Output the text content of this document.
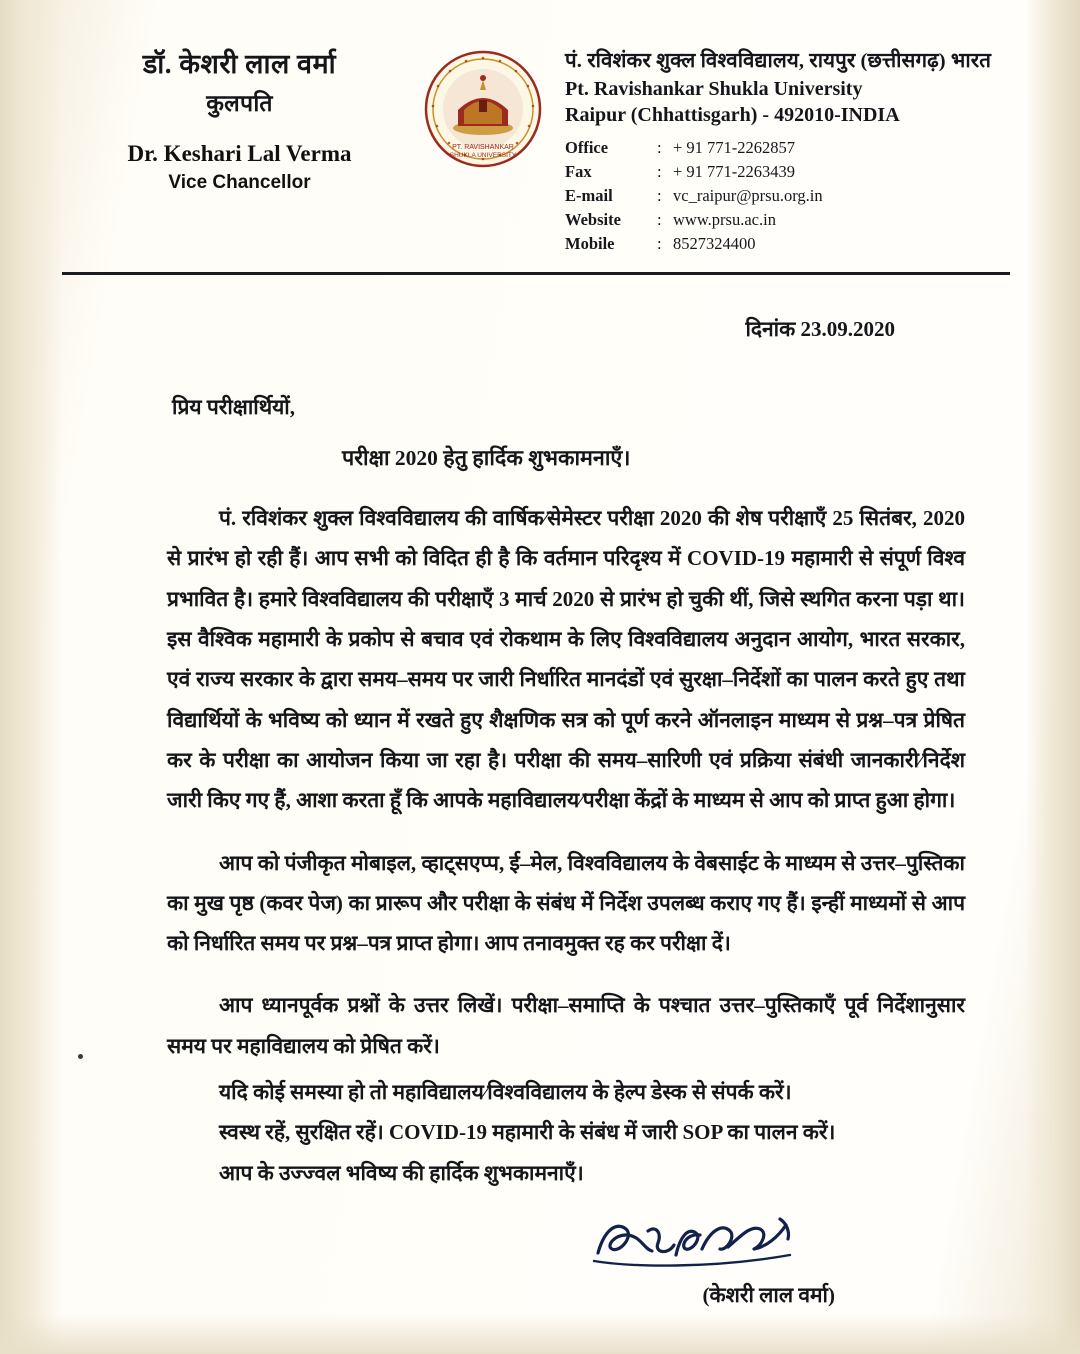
डॉ. केशरी लाल वर्मा
कुलपति
Dr. Keshari Lal Verma
Vice Chancellor
PT. RAVISHANKAR
SHUKLA UNIVERSITY
पं. रविशंकर शुक्ल विश्वविद्यालय, रायपुर (छत्तीसगढ़) भारत
Pt. Ravishankar Shukla University
Raipur (Chhattisgarh) - 492010-INDIA
Office	:	+ 91 771-2262857
Fax	:	+ 91 771-2263439
E-mail	:	vc_raipur@prsu.org.in
Website	:	www.prsu.ac.in
Mobile	:	8527324400
दिनांक 23.09.2020
प्रिय परीक्षार्थियों,
परीक्षा 2020 हेतु हार्दिक शुभकामनाएँ।
पं. रविशंकर शुक्ल विश्वविद्यालय की वार्षिक⁄सेमेस्टर परीक्षा 2020 की शेष परीक्षाएँ 25 सितंबर, 2020 से प्रारंभ हो रही हैं। आप सभी को विदित ही है कि वर्तमान परिदृश्य में COVID-19 महामारी से संपूर्ण विश्व प्रभावित है। हमारे विश्वविद्यालय की परीक्षाएँ 3 मार्च 2020 से प्रारंभ हो चुकी थीं, जिसे स्थगित करना पड़ा था। इस वैश्विक महामारी के प्रकोप से बचाव एवं रोकथाम के लिए विश्वविद्यालय अनुदान आयोग, भारत सरकार, एवं राज्य सरकार के द्वारा समय–समय पर जारी निर्धारित मानदंडों एवं सुरक्षा–निर्देशों का पालन करते हुए तथा विद्यार्थियों के भविष्य को ध्यान में रखते हुए शैक्षणिक सत्र को पूर्ण करने ऑनलाइन माध्यम से प्रश्न–पत्र प्रेषित कर के परीक्षा का आयोजन किया जा रहा है। परीक्षा की समय–सारिणी एवं प्रक्रिया संबंधी जानकारी⁄निर्देश जारी किए गए हैं, आशा करता हूँ कि आपके महाविद्यालय⁄परीक्षा केंद्रों के माध्यम से आप को प्राप्त हुआ होगा।
आप को पंजीकृत मोबाइल, व्हाट्सएप्प, ई–मेल, विश्वविद्यालय के वेबसाईट के माध्यम से उत्तर–पुस्तिका का मुख पृष्ठ (कवर पेज) का प्रारूप और परीक्षा के संबंध में निर्देश उपलब्ध कराए गए हैं। इन्हीं माध्यमों से आप को निर्धारित समय पर प्रश्न–पत्र प्राप्त होगा। आप तनावमुक्त रह कर परीक्षा दें।
आप ध्यानपूर्वक प्रश्नों के उत्तर लिखें। परीक्षा–समाप्ति के पश्चात उत्तर–पुस्तिकाएँ पूर्व निर्देशानुसार समय पर महाविद्यालय को प्रेषित करें।
यदि कोई समस्या हो तो महाविद्यालय⁄विश्वविद्यालय के हेल्प डेस्क से संपर्क करें।
स्वस्थ रहें, सुरक्षित रहें। COVID-19 महामारी के संबंध में जारी SOP का पालन करें।
आप के उज्ज्वल भविष्य की हार्दिक शुभकामनाएँ।
(केशरी लाल वर्मा)
